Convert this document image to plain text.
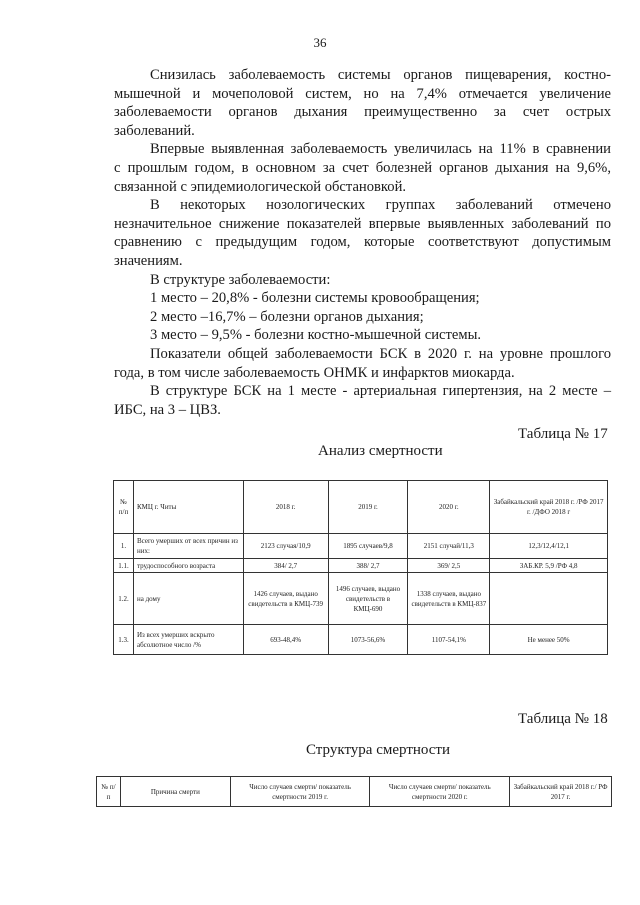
36

Снизилась заболеваемость системы органов пищеварения, костно-

мышечной и мочеполовой систем, но на 7,4% отмечается увеличение

заболеваемости органов дыхания преимущественно за счет острых

заболеваний.

Впервые выявленная заболеваемость увеличилась на 11% в сравнении

с прошлым годом, в основном за счет болезней органов дыхания на 9,6%,

связанной с эпидемиологической обстановкой.

В некоторых нозологических группах заболеваний отмечено

незначительное снижение показателей впервые выявленных заболеваний по

сравнению с предыдущим годом, которые соответствуют допустимым

значениям.

В структуре заболеваемости:

1 место – 20,8% - болезни системы кровообращения;

2 место –16,7% – болезни органов дыхания;

3 место – 9,5% - болезни костно-мышечной системы.

Показатели общей заболеваемости БСК в 2020 г. на уровне прошлого

года, в том числе заболеваемость ОНМК и инфарктов миокарда.

В структуре БСК на 1 месте - артериальная гипертензия, на 2 месте –

ИБС, на 3 – ЦВЗ.

Таблица № 17
Анализ смертности
№ п/п	КМЦ г. Читы	2018 г.	2019 г.	2020 г.	Забайкальский край 2018 г. /РФ 2017 г. /ДФО 2018 г
1.	Всего умерших от всех причин из них:	2123 случая/10,9	1895 случаев/9,8	2151 случай/11,3	12,3/12,4/12,1
1.1.	трудоспособного возраста	384/ 2,7	388/ 2,7	369/ 2,5	ЗАБ.КР. 5,9 /РФ 4,8
1.2.	на дому	1426 случаев, выдано свидетельств в КМЦ-739	1496 случаев, выдано свидетельств в КМЦ-690	1338 случаев, выдано свидетельств в КМЦ-837	
1.3.	Из всех умерших вскрыто абсолютное число /%	693-48,4%	1073-56,6%	1107-54,1%	Не менее 50%
Таблица № 18
Структура смертности
№ п/п	Причина смерти	Число случаев смерти/ показатель смертности 2019 г.	Число случаев смерти/ показатель смертности 2020 г.	Забайкальский край 2018 г./ РФ 2017 г.
